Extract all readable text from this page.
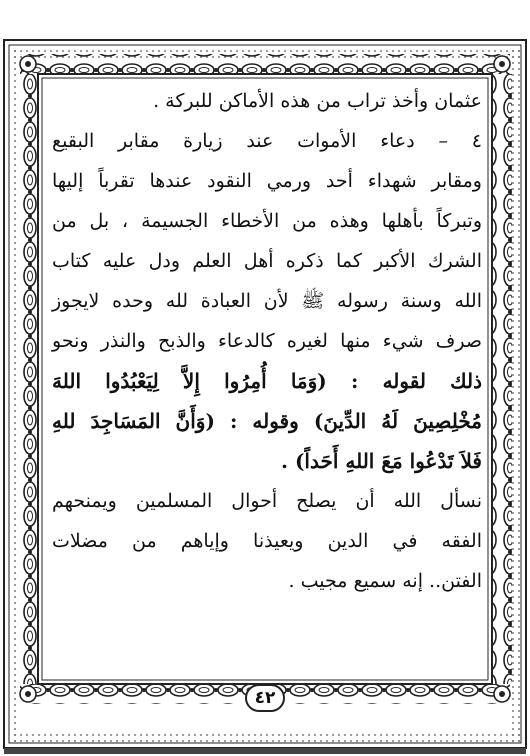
عثمان وأخذ تراب من هذه الأماكن للبركة .
٤ – دعاء الأموات عند زيارة مقابر البقيع
ومقابر شهداء أحد ورمي النقود عندها تقرباً إليها
وتبركاً بأهلها وهذه من الأخطاء الجسيمة ، بل من
الشرك الأكبر كما ذكره أهل العلم ودل عليه كتاب
الله وسنة رسوله ﷺ لأن العبادة لله وحده لايجوز
صرف شيء منها لغيره كالدعاء والذبح والنذر ونحو
ذلك لقوله : (وَمَا أُمِرُوا إِلاَّ لِيَعْبُدُوا اللهَ
مُخْلِصِينَ لَهُ الدِّينَ) وقوله : (وَأَنَّ المَسَاجِدَ للهِ
فَلاَ تَدْعُوا مَعَ اللهِ أَحَداً) .
نسأل الله أن يصلح أحوال المسلمين ويمنحهم
الفقه في الدين ويعيذنا وإياهم من مضلات
الفتن.. إنه سميع مجيب .
٤٢
